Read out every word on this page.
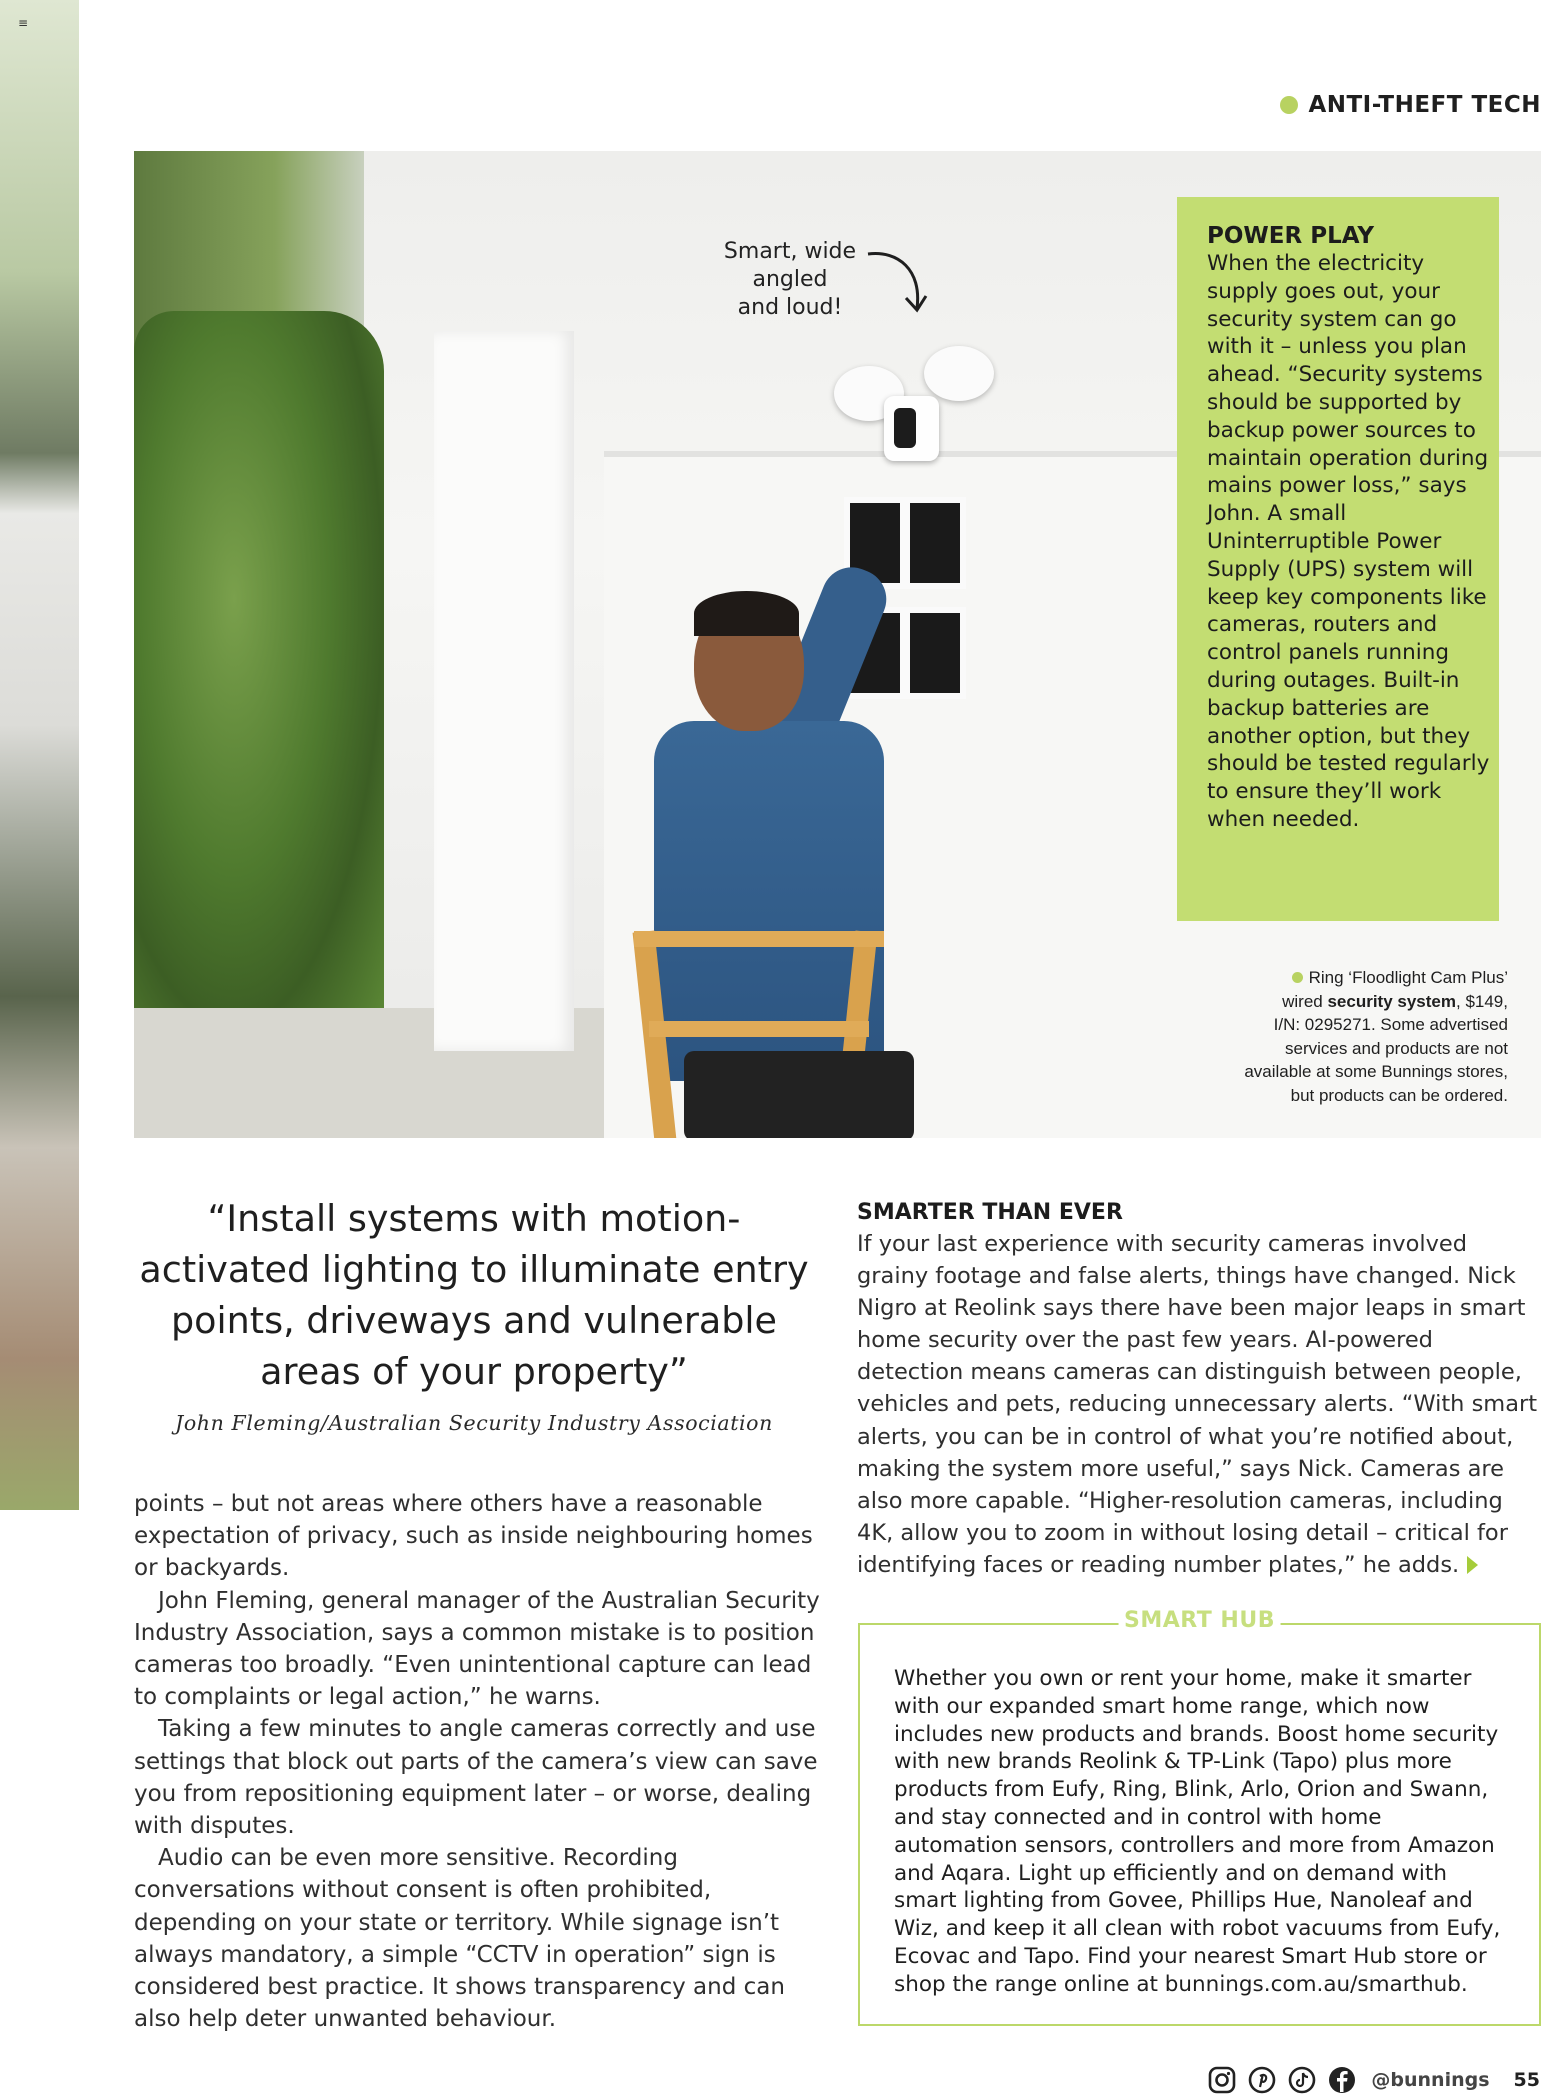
≡
ANTI-THEFT TECH
Smart, wide
angled
and loud!
POWER PLAY
When the electricity supply goes out, your security system can go with it – unless you plan ahead. “Security systems should be supported by backup power sources to maintain operation during mains power loss,” says John. A small Uninterruptible Power Supply (UPS) system will keep key components like cameras, routers and control panels running during outages. Built-in backup batteries are another option, but they should be tested regularly to ensure they’ll work when needed.
Ring ‘Floodlight Cam Plus’
wired security system, $149,
I/N: 0295271. Some advertised
services and products are not
available at some Bunnings stores,
but products can be ordered.
“Install systems with motion-activated lighting to illuminate entry points, driveways and vulnerable areas of your property”
John Fleming/Australian Security Industry Association

points – but not areas where others have a reasonable expectation of privacy, such as inside neighbouring homes or backyards.

John Fleming, general manager of the Australian Security Industry Association, says a common mistake is to position cameras too broadly. “Even unintentional capture can lead to complaints or legal action,” he warns.

Taking a few minutes to angle cameras correctly and use settings that block out parts of the camera’s view can save you from repositioning equipment later – or worse, dealing with disputes.

Audio can be even more sensitive. Recording conversations without consent is often prohibited, depending on your state or territory. While signage isn’t always mandatory, a simple “CCTV in operation” sign is considered best practice. It shows transparency and can also help deter unwanted behaviour.

SMARTER THAN EVER
If your last experience with security cameras involved grainy footage and false alerts, things have changed. Nick Nigro at Reolink says there have been major leaps in smart home security over the past few years. AI-powered detection means cameras can distinguish between people, vehicles and pets, reducing unnecessary alerts. “With smart alerts, you can be in control of what you’re notified about, making the system more useful,” says Nick. Cameras are also more capable. “Higher-resolution cameras, including 4K, allow you to zoom in without losing detail – critical for identifying faces or reading number plates,” he adds.
SMART HUB
Whether you own or rent your home, make it smarter with our expanded smart home range, which now includes new products and brands. Boost home security with new brands Reolink & TP-Link (Tapo) plus more products from Eufy, Ring, Blink, Arlo, Orion and Swann, and stay connected and in control with home automation sensors, controllers and more from Amazon and Aqara. Light up efficiently and on demand with smart lighting from Govee, Phillips Hue, Nanoleaf and Wiz, and keep it all clean with robot vacuums from Eufy, Ecovac and Tapo. Find your nearest Smart Hub store or shop the range online at bunnings.com.au/smarthub.
@bunnings 55
